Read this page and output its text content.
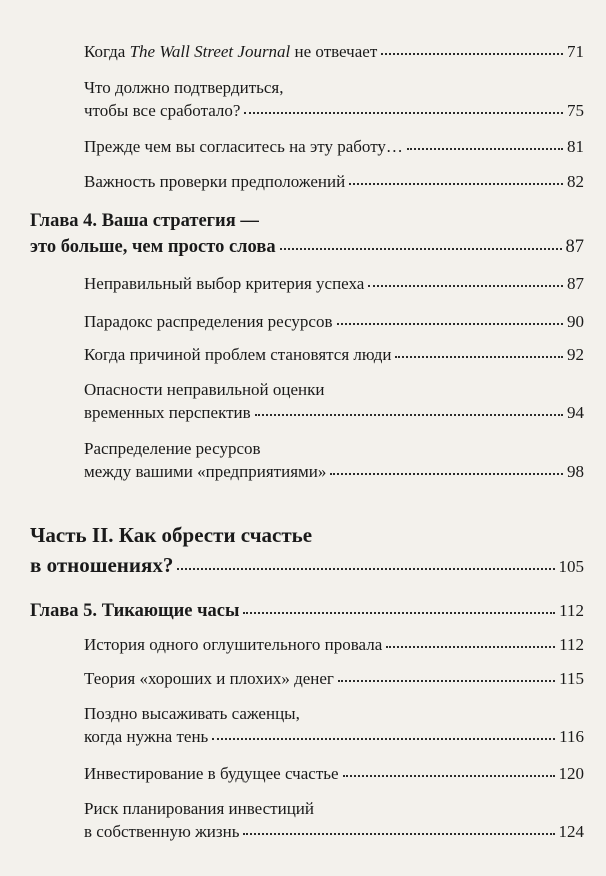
Когда The Wall Street Journal не отвечает	71
Что должно подтвердиться,
чтобы все сработало?	75
Прежде чем вы согласитесь на эту работу…	81
Важность проверки предположений	82
Глава 4. Ваша стратегия —
это больше, чем просто слова	87
Неправильный выбор критерия успеха	87
Парадокс распределения ресурсов	90
Когда причиной проблем становятся люди	92
Опасности неправильной оценки
временных перспектив	94
Распределение ресурсов
между вашими «предприятиями»	98
Часть II. Как обрести счастье
в отношениях?	105
Глава 5. Тикающие часы	112
История одного оглушительного провала	112
Теория «хороших и плохих» денег	115
Поздно высаживать саженцы,
когда нужна тень	116
Инвестирование в будущее счастье	120
Риск планирования инвестиций
в собственную жизнь	124
